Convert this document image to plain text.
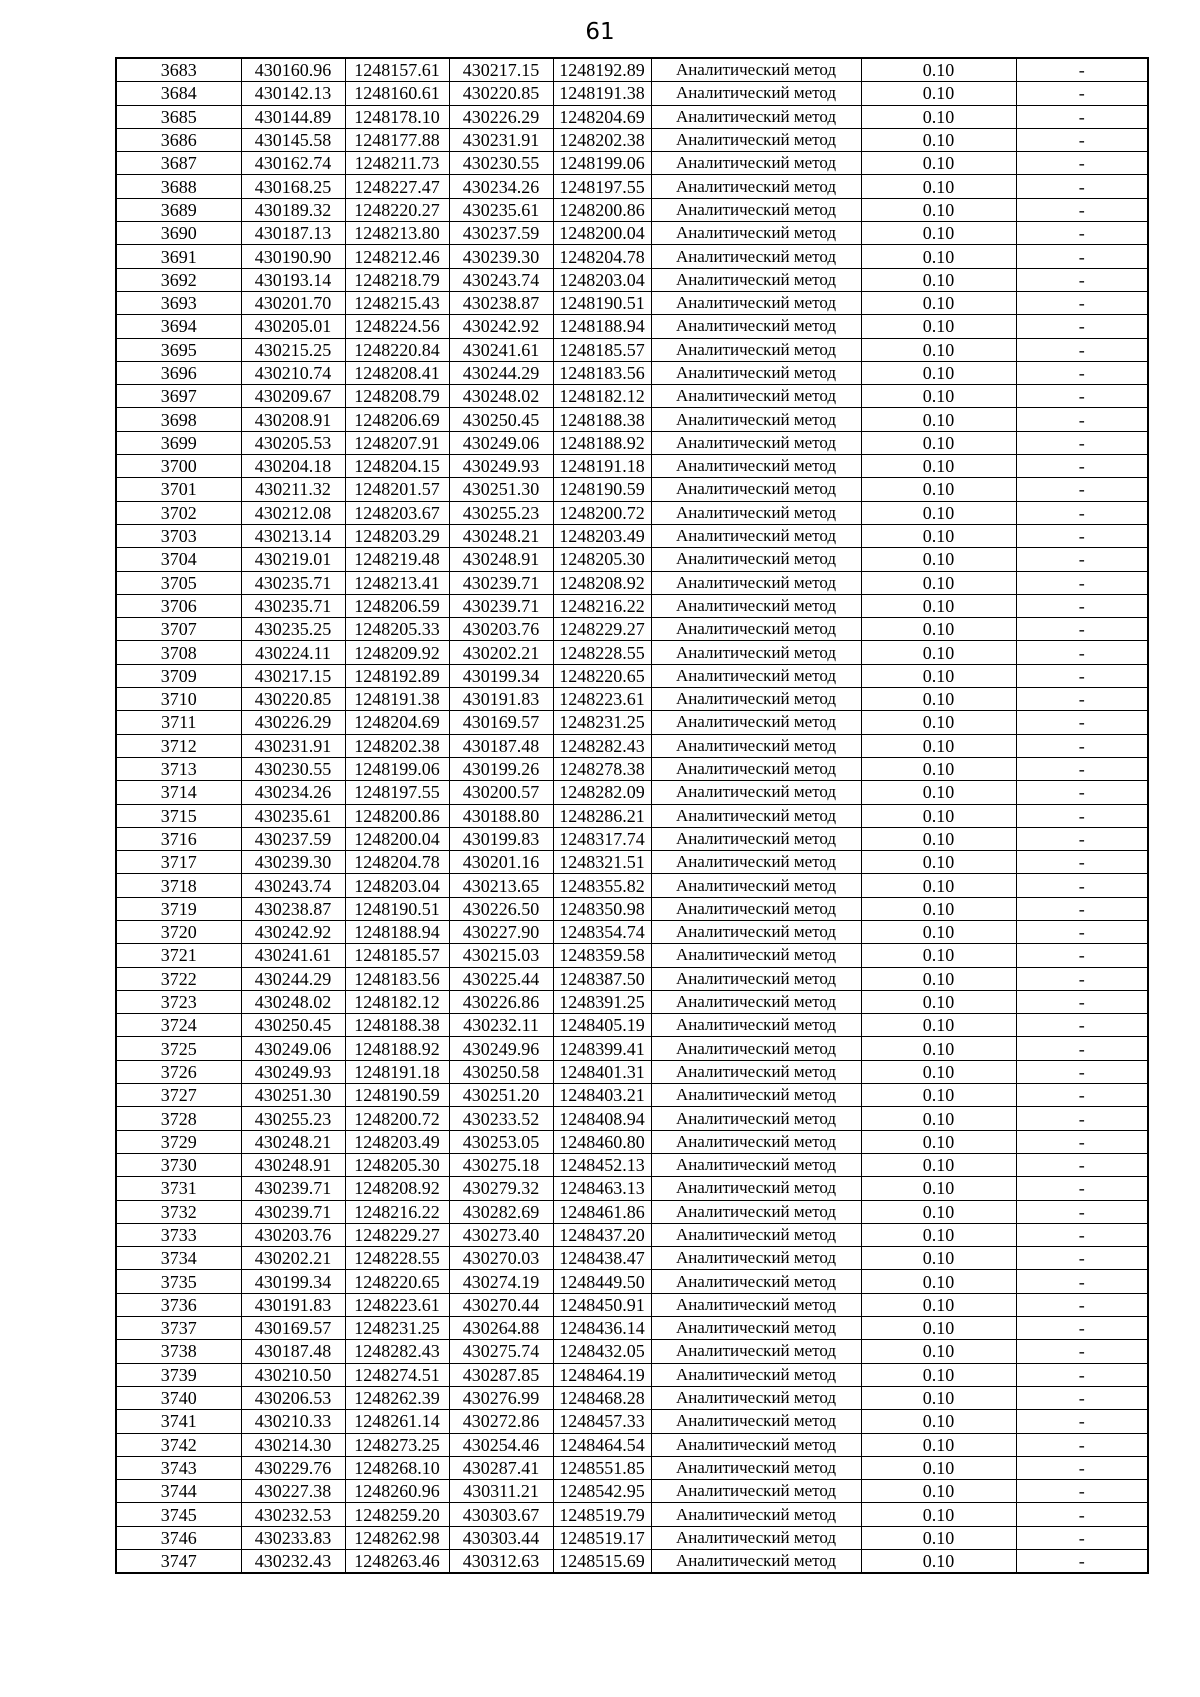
61
3683	430160.96	1248157.61	430217.15	1248192.89	Аналитический метод	0.10	-
3684	430142.13	1248160.61	430220.85	1248191.38	Аналитический метод	0.10	-
3685	430144.89	1248178.10	430226.29	1248204.69	Аналитический метод	0.10	-
3686	430145.58	1248177.88	430231.91	1248202.38	Аналитический метод	0.10	-
3687	430162.74	1248211.73	430230.55	1248199.06	Аналитический метод	0.10	-
3688	430168.25	1248227.47	430234.26	1248197.55	Аналитический метод	0.10	-
3689	430189.32	1248220.27	430235.61	1248200.86	Аналитический метод	0.10	-
3690	430187.13	1248213.80	430237.59	1248200.04	Аналитический метод	0.10	-
3691	430190.90	1248212.46	430239.30	1248204.78	Аналитический метод	0.10	-
3692	430193.14	1248218.79	430243.74	1248203.04	Аналитический метод	0.10	-
3693	430201.70	1248215.43	430238.87	1248190.51	Аналитический метод	0.10	-
3694	430205.01	1248224.56	430242.92	1248188.94	Аналитический метод	0.10	-
3695	430215.25	1248220.84	430241.61	1248185.57	Аналитический метод	0.10	-
3696	430210.74	1248208.41	430244.29	1248183.56	Аналитический метод	0.10	-
3697	430209.67	1248208.79	430248.02	1248182.12	Аналитический метод	0.10	-
3698	430208.91	1248206.69	430250.45	1248188.38	Аналитический метод	0.10	-
3699	430205.53	1248207.91	430249.06	1248188.92	Аналитический метод	0.10	-
3700	430204.18	1248204.15	430249.93	1248191.18	Аналитический метод	0.10	-
3701	430211.32	1248201.57	430251.30	1248190.59	Аналитический метод	0.10	-
3702	430212.08	1248203.67	430255.23	1248200.72	Аналитический метод	0.10	-
3703	430213.14	1248203.29	430248.21	1248203.49	Аналитический метод	0.10	-
3704	430219.01	1248219.48	430248.91	1248205.30	Аналитический метод	0.10	-
3705	430235.71	1248213.41	430239.71	1248208.92	Аналитический метод	0.10	-
3706	430235.71	1248206.59	430239.71	1248216.22	Аналитический метод	0.10	-
3707	430235.25	1248205.33	430203.76	1248229.27	Аналитический метод	0.10	-
3708	430224.11	1248209.92	430202.21	1248228.55	Аналитический метод	0.10	-
3709	430217.15	1248192.89	430199.34	1248220.65	Аналитический метод	0.10	-
3710	430220.85	1248191.38	430191.83	1248223.61	Аналитический метод	0.10	-
3711	430226.29	1248204.69	430169.57	1248231.25	Аналитический метод	0.10	-
3712	430231.91	1248202.38	430187.48	1248282.43	Аналитический метод	0.10	-
3713	430230.55	1248199.06	430199.26	1248278.38	Аналитический метод	0.10	-
3714	430234.26	1248197.55	430200.57	1248282.09	Аналитический метод	0.10	-
3715	430235.61	1248200.86	430188.80	1248286.21	Аналитический метод	0.10	-
3716	430237.59	1248200.04	430199.83	1248317.74	Аналитический метод	0.10	-
3717	430239.30	1248204.78	430201.16	1248321.51	Аналитический метод	0.10	-
3718	430243.74	1248203.04	430213.65	1248355.82	Аналитический метод	0.10	-
3719	430238.87	1248190.51	430226.50	1248350.98	Аналитический метод	0.10	-
3720	430242.92	1248188.94	430227.90	1248354.74	Аналитический метод	0.10	-
3721	430241.61	1248185.57	430215.03	1248359.58	Аналитический метод	0.10	-
3722	430244.29	1248183.56	430225.44	1248387.50	Аналитический метод	0.10	-
3723	430248.02	1248182.12	430226.86	1248391.25	Аналитический метод	0.10	-
3724	430250.45	1248188.38	430232.11	1248405.19	Аналитический метод	0.10	-
3725	430249.06	1248188.92	430249.96	1248399.41	Аналитический метод	0.10	-
3726	430249.93	1248191.18	430250.58	1248401.31	Аналитический метод	0.10	-
3727	430251.30	1248190.59	430251.20	1248403.21	Аналитический метод	0.10	-
3728	430255.23	1248200.72	430233.52	1248408.94	Аналитический метод	0.10	-
3729	430248.21	1248203.49	430253.05	1248460.80	Аналитический метод	0.10	-
3730	430248.91	1248205.30	430275.18	1248452.13	Аналитический метод	0.10	-
3731	430239.71	1248208.92	430279.32	1248463.13	Аналитический метод	0.10	-
3732	430239.71	1248216.22	430282.69	1248461.86	Аналитический метод	0.10	-
3733	430203.76	1248229.27	430273.40	1248437.20	Аналитический метод	0.10	-
3734	430202.21	1248228.55	430270.03	1248438.47	Аналитический метод	0.10	-
3735	430199.34	1248220.65	430274.19	1248449.50	Аналитический метод	0.10	-
3736	430191.83	1248223.61	430270.44	1248450.91	Аналитический метод	0.10	-
3737	430169.57	1248231.25	430264.88	1248436.14	Аналитический метод	0.10	-
3738	430187.48	1248282.43	430275.74	1248432.05	Аналитический метод	0.10	-
3739	430210.50	1248274.51	430287.85	1248464.19	Аналитический метод	0.10	-
3740	430206.53	1248262.39	430276.99	1248468.28	Аналитический метод	0.10	-
3741	430210.33	1248261.14	430272.86	1248457.33	Аналитический метод	0.10	-
3742	430214.30	1248273.25	430254.46	1248464.54	Аналитический метод	0.10	-
3743	430229.76	1248268.10	430287.41	1248551.85	Аналитический метод	0.10	-
3744	430227.38	1248260.96	430311.21	1248542.95	Аналитический метод	0.10	-
3745	430232.53	1248259.20	430303.67	1248519.79	Аналитический метод	0.10	-
3746	430233.83	1248262.98	430303.44	1248519.17	Аналитический метод	0.10	-
3747	430232.43	1248263.46	430312.63	1248515.69	Аналитический метод	0.10	-
